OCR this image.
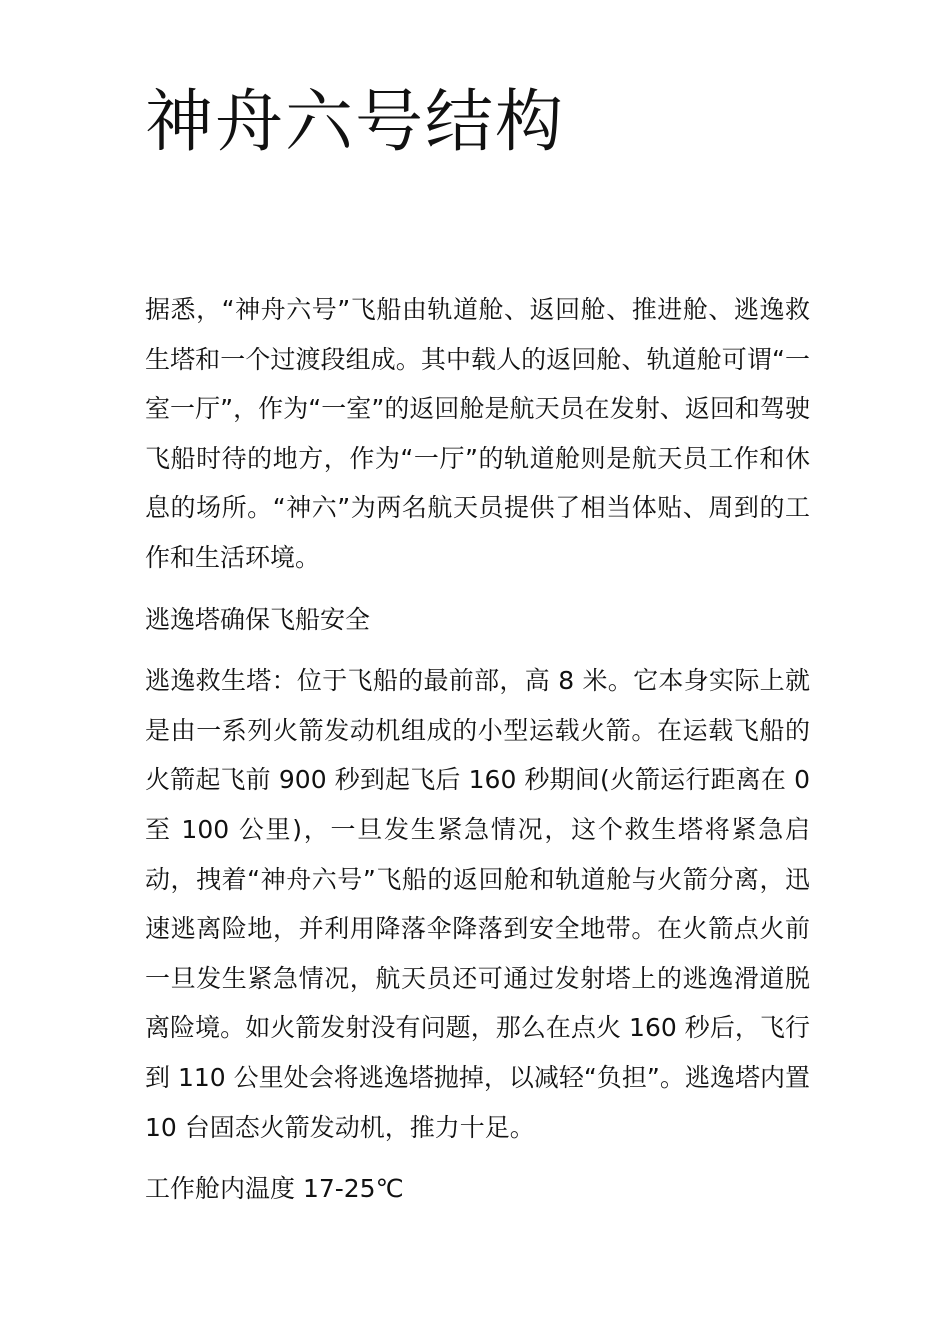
神舟六号结构

据悉，“神舟六号”飞船由轨道舱、返回舱、推进舱、逃逸救生塔和一个过渡段组成。其中载人的返回舱、轨道舱可谓“一室一厅”，作为“一室”的返回舱是航天员在发射、返回和驾驶飞船时待的地方，作为“一厅”的轨道舱则是航天员工作和休息的场所。“神六”为两名航天员提供了相当体贴、周到的工作和生活环境。

逃逸塔确保飞船安全

逃逸救生塔：位于飞船的最前部，高 8 米。它本身实际上就是由一系列火箭发动机组成的小型运载火箭。在运载飞船的火箭起飞前 900 秒到起飞后 160 秒期间(火箭运行距离在 0 至 100 公里)，一旦发生紧急情况，这个救生塔将紧急启动，拽着“神舟六号”飞船的返回舱和轨道舱与火箭分离，迅速逃离险地，并利用降落伞降落到安全地带。在火箭点火前一旦发生紧急情况，航天员还可通过发射塔上的逃逸滑道脱离险境。如火箭发射没有问题，那么在点火 160 秒后，飞行到 110 公里处会将逃逸塔抛掉，以减轻“负担”。逃逸塔内置 10 台固态火箭发动机，推力十足。

工作舱内温度 17-25℃
